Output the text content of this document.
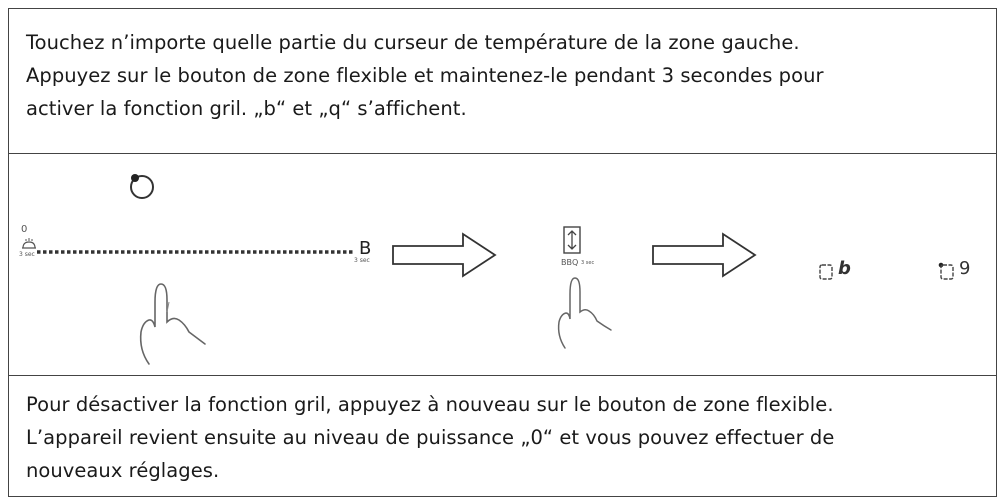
Touchez n’importe quelle partie du curseur de température de la zone gauche.
Appuyez sur le bouton de zone flexible et maintenez-le pendant 3 secondes pour
activer la fonction gril. „b“ et „q“ s’affichent.
0
3 sec	B
3 sec	BBQ 3 sec	b	9
Pour désactiver la fonction gril, appuyez à nouveau sur le bouton de zone flexible.
L’appareil revient ensuite au niveau de puissance „0“ et vous pouvez effectuer de
nouveaux réglages.
